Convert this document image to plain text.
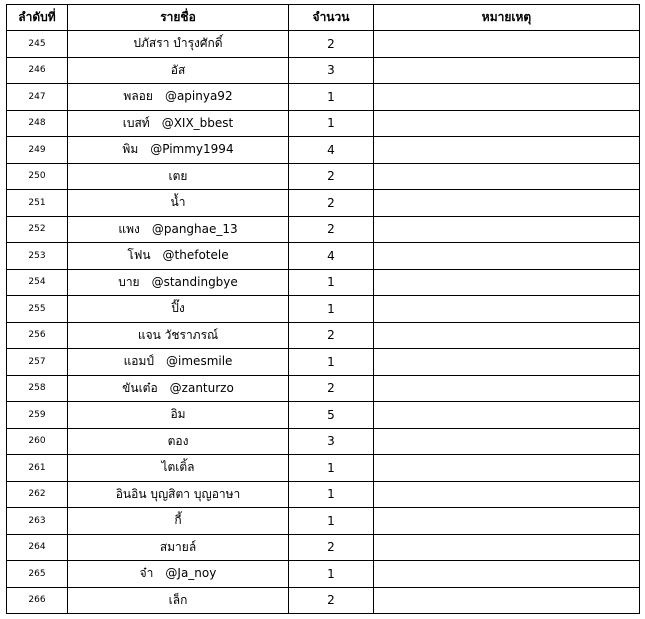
ลำดับที่	รายชื่อ	จำนวน	หมายเหตุ
245	ปภัสรา บำรุงศักดิ์	2	
246	อัส	3	
247	พลอย @apinya92	1	
248	เบสท์ @XIX_bbest	1	
249	พิม @Pimmy1994	4	
250	เตย	2	
251	น้ำ	2	
252	แพง @panghae_13	2	
253	โฟน @thefotele	4	
254	บาย @standingbye	1	
255	ปิ๊ง	1	
256	แจน วัชราภรณ์	2	
257	แอมป์ @imesmile	1	
258	ขันเต๋อ @zanturzo	2	
259	อิม	5	
260	ตอง	3	
261	ไตเติ้ล	1	
262	อินอิน บุญสิตา บุญอาษา	1	
263	กี้	1	
264	สมายล์	2	
265	จ๋า @Ja_noy	1	
266	เล็ก	2	
